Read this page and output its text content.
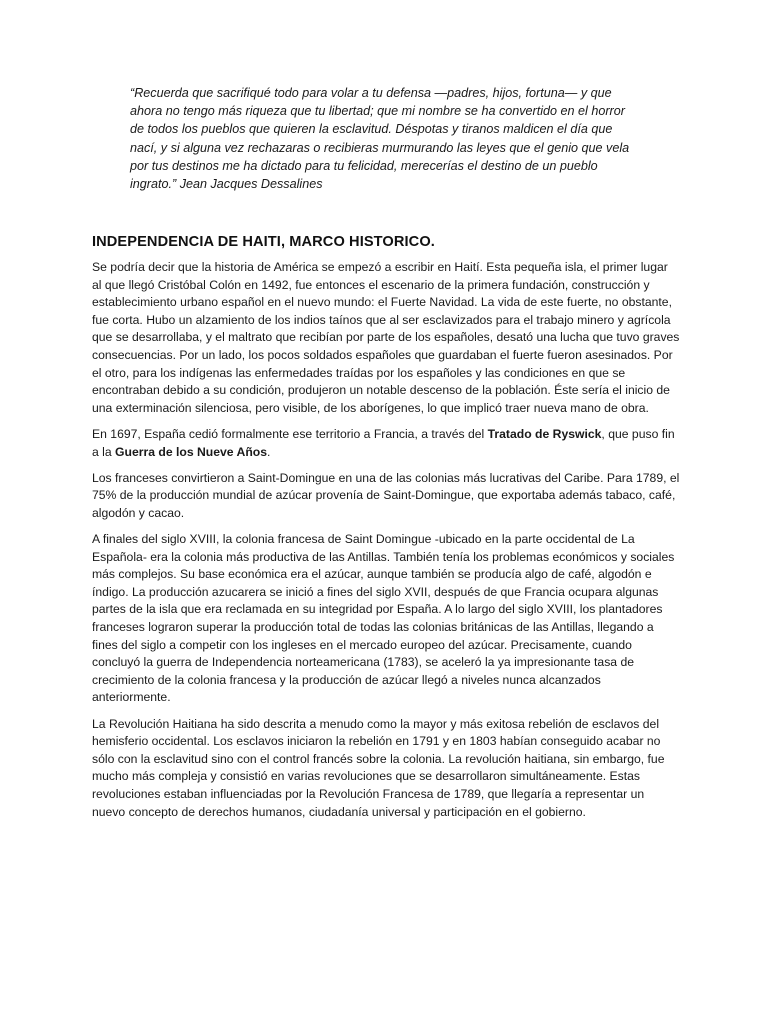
“Recuerda que sacrifiqué todo para volar a tu defensa —padres, hijos, fortuna— y que ahora no tengo más riqueza que tu libertad; que mi nombre se ha convertido en el horror de todos los pueblos que quieren la esclavitud. Déspotas y tiranos maldicen el día que nací, y si alguna vez rechazaras o recibieras murmurando las leyes que el genio que vela por tus destinos me ha dictado para tu felicidad, merecerías el destino de un pueblo ingrato.” Jean Jacques Dessalines

INDEPENDENCIA DE HAITI, MARCO HISTORICO.

Se podría decir que la historia de América se empezó a escribir en Haití. Esta pequeña isla, el primer lugar al que llegó Cristóbal Colón en 1492, fue entonces el escenario de la primera fundación, construcción y establecimiento urbano español en el nuevo mundo: el Fuerte Navidad. La vida de este fuerte, no obstante, fue corta. Hubo un alzamiento de los indios taínos que al ser esclavizados para el trabajo minero y agrícola que se desarrollaba, y el maltrato que recibían por parte de los españoles, desató una lucha que tuvo graves consecuencias. Por un lado, los pocos soldados españoles que guardaban el fuerte fueron asesinados. Por el otro, para los indígenas las enfermedades traídas por los españoles y las condiciones en que se encontraban debido a su condición, produjeron un notable descenso de la población. Éste sería el inicio de una exterminación silenciosa, pero visible, de los aborígenes, lo que implicó traer nueva mano de obra.

En 1697, España cedió formalmente ese territorio a Francia, a través del Tratado de Ryswick, que puso fin a la Guerra de los Nueve Años.

Los franceses convirtieron a Saint-Domingue en una de las colonias más lucrativas del Caribe. Para 1789, el 75% de la producción mundial de azúcar provenía de Saint-Domingue, que exportaba además tabaco, café, algodón y cacao.

A finales del siglo XVIII, la colonia francesa de Saint Domingue -ubicado en la parte occidental de La Española- era la colonia más productiva de las Antillas. También tenía los problemas económicos y sociales más complejos. Su base económica era el azúcar, aunque también se producía algo de café, algodón e índigo. La producción azucarera se inició a fines del siglo XVII, después de que Francia ocupara algunas partes de la isla que era reclamada en su integridad por España. A lo largo del siglo XVIII, los plantadores franceses lograron superar la producción total de todas las colonias británicas de las Antillas, llegando a fines del siglo a competir con los ingleses en el mercado europeo del azúcar. Precisamente, cuando concluyó la guerra de Independencia norteamericana (1783), se aceleró la ya impresionante tasa de crecimiento de la colonia francesa y la producción de azúcar llegó a niveles nunca alcanzados anteriormente.

La Revolución Haitiana ha sido descrita a menudo como la mayor y más exitosa rebelión de esclavos del hemisferio occidental. Los esclavos iniciaron la rebelión en 1791 y en 1803 habían conseguido acabar no sólo con la esclavitud sino con el control francés sobre la colonia. La revolución haitiana, sin embargo, fue mucho más compleja y consistió en varias revoluciones que se desarrollaron simultáneamente. Estas revoluciones estaban influenciadas por la Revolución Francesa de 1789, que llegaría a representar un nuevo concepto de derechos humanos, ciudadanía universal y participación en el gobierno.
